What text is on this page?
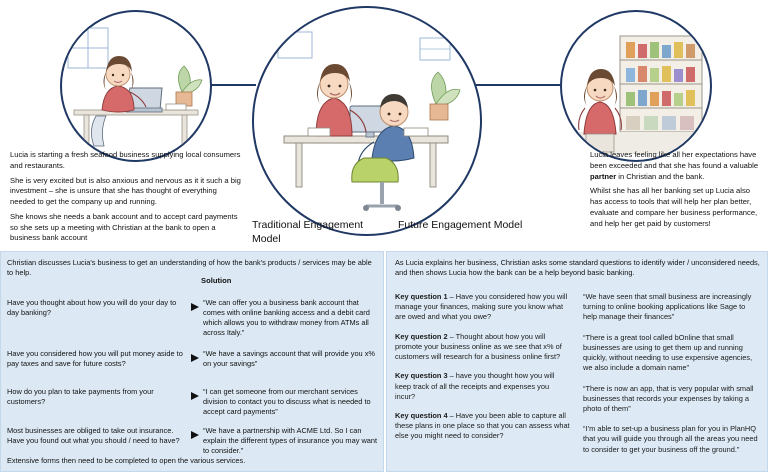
Lucia is starting a fresh seafood business supplying local consumers and restaurants.

She is very excited but is also anxious and nervous as it it such a big investment – she is unsure that she has thought of everything needed to get the company up and running.

She knows she needs a bank account and to accept card payments so she sets up a meeting with Christian at the bank to open a business bank account

Lucia leaves feeling like all her expectations have been exceeded and that she has found a valuable partner in Christian and the bank.

Whilst she has all her banking set up Lucia also has access to tools that will help her plan better, evaluate and compare her business performance, and help her get paid by customers!

Traditional Engagement Model
Future Engagement Model
Christian discusses Lucia's business to get an understanding of how the bank's products / services may be able to help.
Solution
Have you thought about how you will do your day to day banking?
“We can offer you a business bank account that comes with online banking access and a debit card which allows you to withdraw money from ATMs all across Italy.”
Have you considered how you will put money aside to pay taxes and save for future costs?
“We have a savings account that will provide you x% on your savings”
How do you plan to take payments from your customers?
“I can get someone from our merchant services division to contact you to discuss what is needed to accept card payments”
Most businesses are obliged to take out insurance. Have you found out what you should / need to have?
“We have a partnership with ACME Ltd. So I can explain the different types of insurance you may want to consider.”
Extensive forms then need to be completed to open the various services.
As Lucia explains her business, Christian asks some standard questions to identify wider / unconsidered needs, and then shows Lucia how the bank can be a help beyond basic banking.

Key question 1 – Have you considered how you will manage your finances, making sure you know what are owed and what you owe?

Key question 2 – Thought about how you will promote your business online as we see that x% of customers will research for a business online first?

Key question 3 – have you thought how you will keep track of all the receipts and expenses you incur?

Key question 4 – Have you been able to capture all these plans in one place so that you can assess what else you might need to consider?

“We have seen that small business are increasingly turning to online booking applications like Sage to help manage their finances”

“There is a great tool called bOnline that small businesses are using to get them up and running quickly, without needing to use expensive agencies, we also include a domain name”

“There is now an app, that is very popular with small businesses that records your expenses by taking a photo of them”

“I’m able to set-up a business plan for you in PlanHQ that you will guide you through all the areas you need to consider to get your business off the ground.”
